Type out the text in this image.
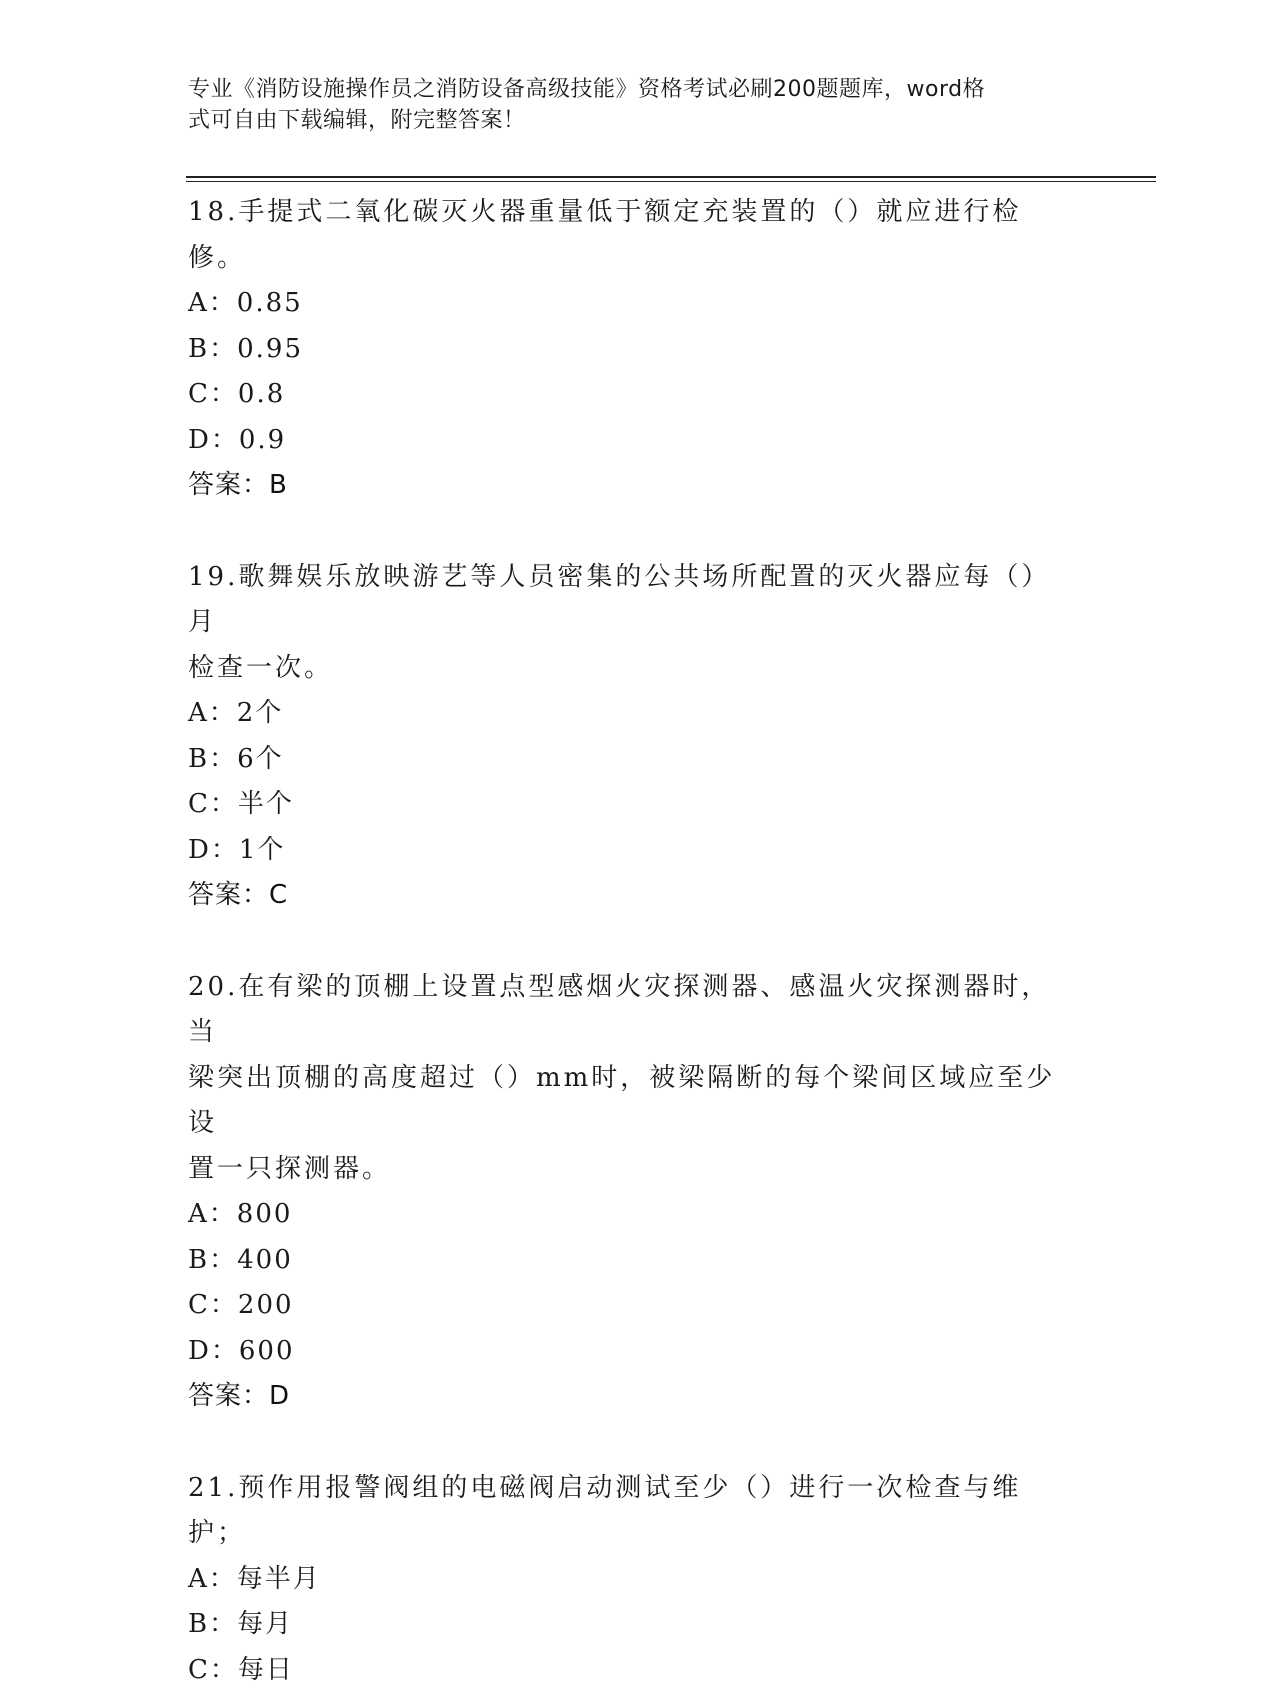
专业《消防设施操作员之消防设备高级技能》资格考试必刷200题题库，word格
式可自由下载编辑，附完整答案！
18.手提式二氧化碳灭火器重量低于额定充装置的（）就应进行检修。
A：0.85
B：0.95
C：0.8
D：0.9
答案：B
19.歌舞娱乐放映游艺等人员密集的公共场所配置的灭火器应每（）月
检查一次。
A：2个
B：6个
C：半个
D：1个
答案：C
20.在有梁的顶棚上设置点型感烟火灾探测器、感温火灾探测器时，当
梁突出顶棚的高度超过（）mm时，被梁隔断的每个梁间区域应至少设
置一只探测器。
A：800
B：400
C：200
D：600
答案：D
21.预作用报警阀组的电磁阀启动测试至少（）进行一次检查与维护；
A：每半月
B：每月
C：每日
